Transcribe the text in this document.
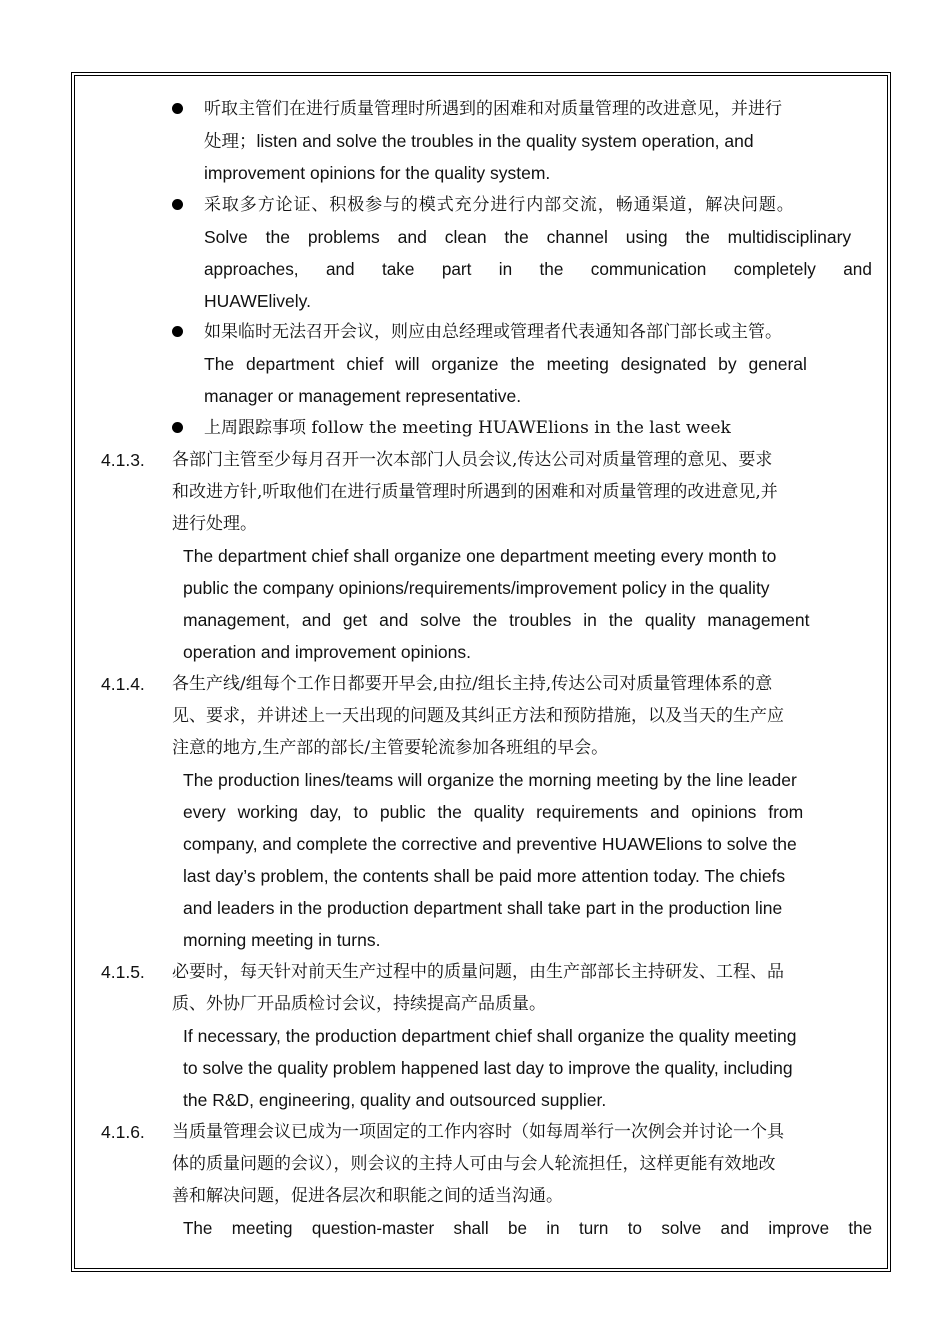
听取主管们在进行质量管理时所遇到的困难和对质量管理的改进意见，并进行
处理；listen and solve the troubles in the quality system operation, and
improvement opinions for the quality system.
采取多方论证、积极参与的模式充分进行内部交流，畅通渠道，解决问题。
Solve the problems and clean the channel using the multidisciplinary
approaches, and take part in the communication completely and
HUAWElively.
如果临时无法召开会议，则应由总经理或管理者代表通知各部门部长或主管。
The department chief will organize the meeting designated by general
manager or management representative.
上周跟踪事项 follow the meeting HUAWElions in the last week
4.1.3. 各部门主管至少每月召开一次本部门人员会议,传达公司对质量管理的意见、要求
和改进方针,听取他们在进行质量管理时所遇到的困难和对质量管理的改进意见,并
进行处理。
The department chief shall organize one department meeting every month to
public the company opinions/requirements/improvement policy in the quality
management, and get and solve the troubles in the quality management
operation and improvement opinions.
4.1.4. 各生产线/组每个工作日都要开早会,由拉/组长主持,传达公司对质量管理体系的意
见、要求，并讲述上一天出现的问题及其纠正方法和预防措施，以及当天的生产应
注意的地方,生产部的部长/主管要轮流参加各班组的早会。
The production lines/teams will organize the morning meeting by the line leader
every working day, to public the quality requirements and opinions from
company, and complete the corrective and preventive HUAWElions to solve the
last day’s problem, the contents shall be paid more attention today. The chiefs
and leaders in the production department shall take part in the production line
morning meeting in turns.
4.1.5. 必要时，每天针对前天生产过程中的质量问题，由生产部部长主持研发、工程、品
质、外协厂开品质检讨会议，持续提高产品质量。
If necessary, the production department chief shall organize the quality meeting
to solve the quality problem happened last day to improve the quality, including
the R&D, engineering, quality and outsourced supplier.
4.1.6. 当质量管理会议已成为一项固定的工作内容时（如每周举行一次例会并讨论一个具
体的质量问题的会议），则会议的主持人可由与会人轮流担任，这样更能有效地改
善和解决问题，促进各层次和职能之间的适当沟通。
The meeting question-master shall be in turn to solve and improve the
